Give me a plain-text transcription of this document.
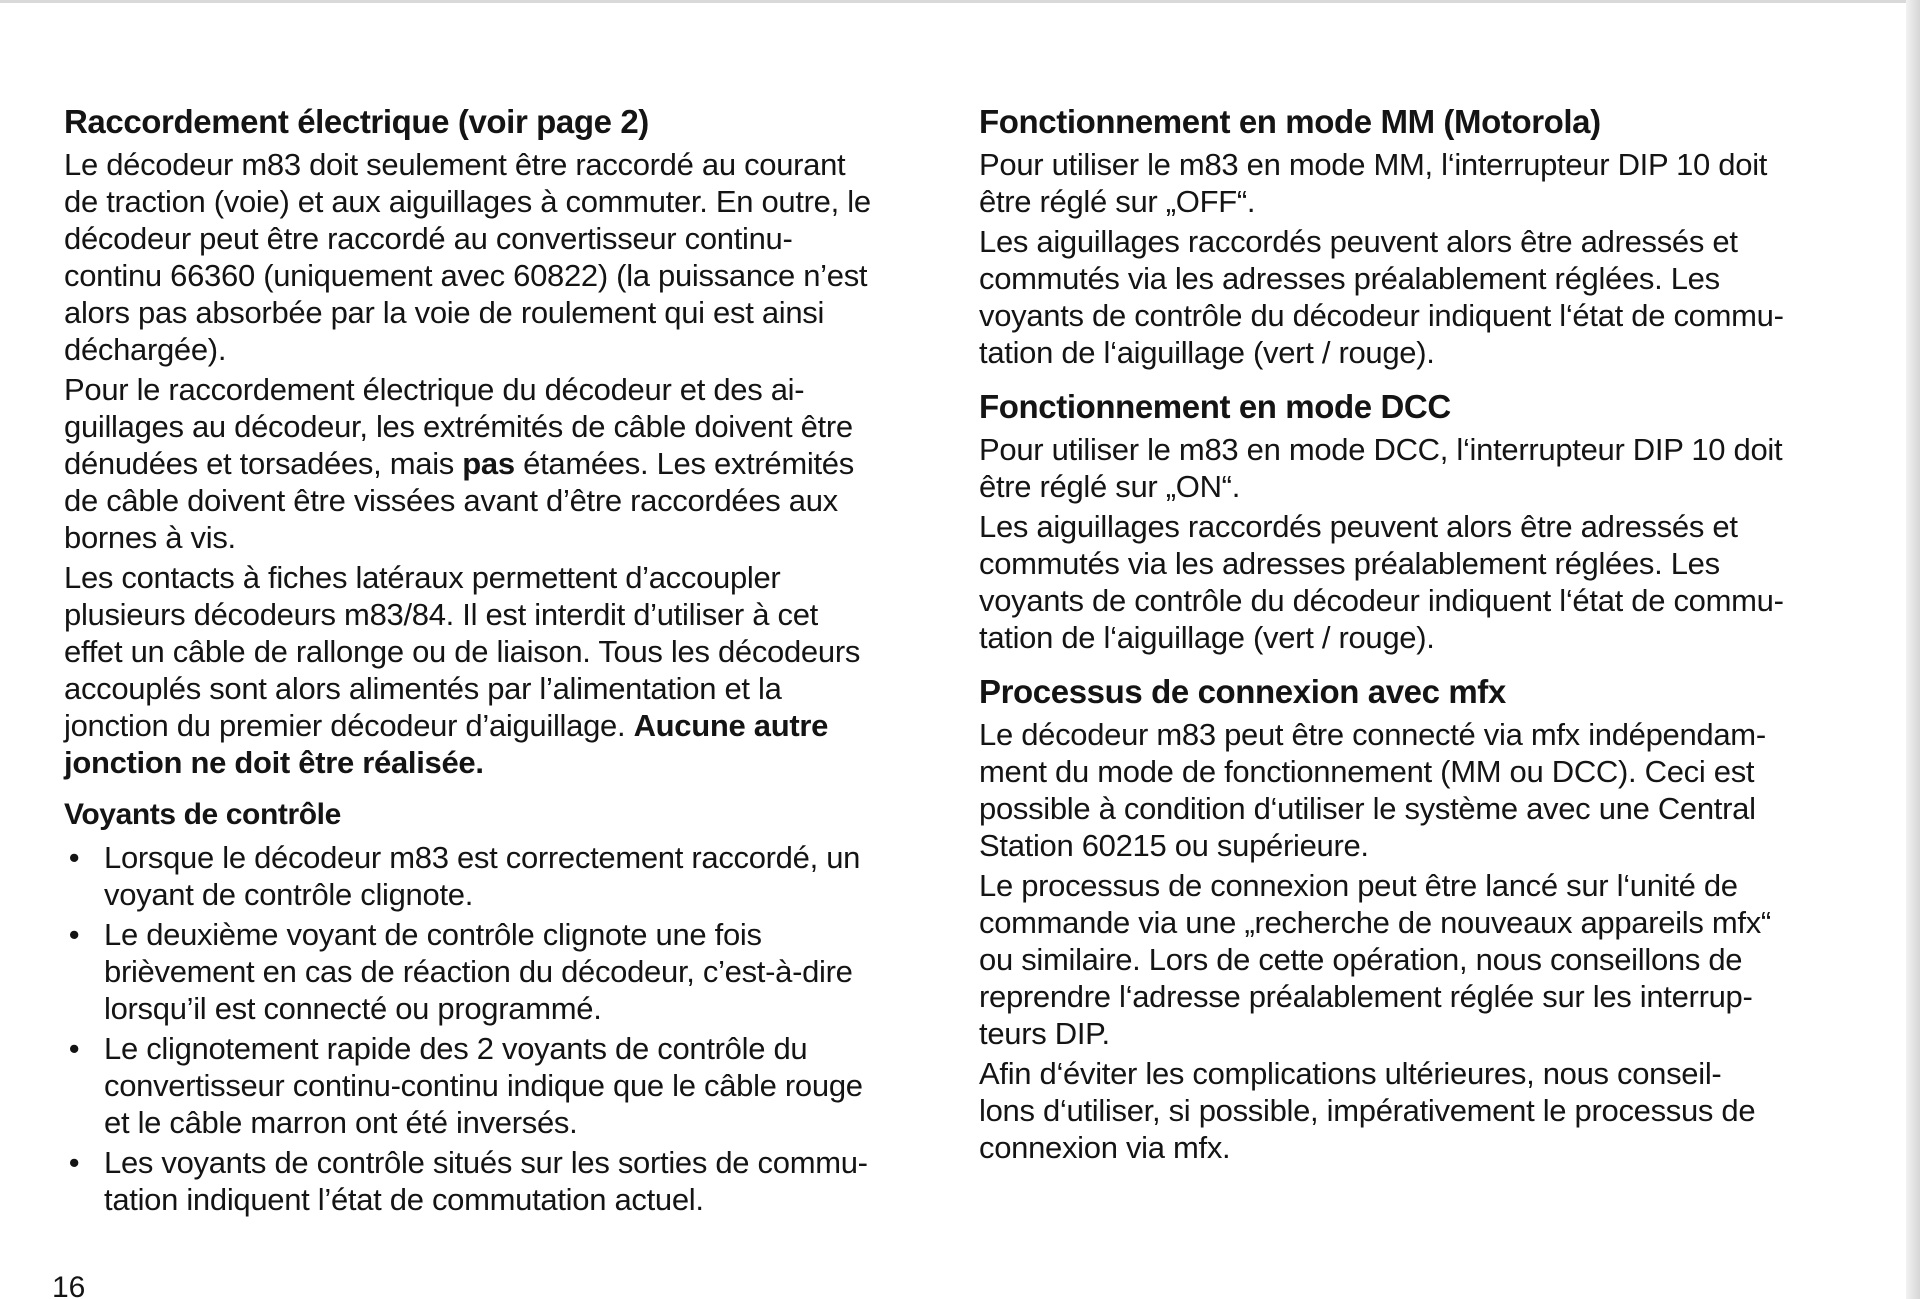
Raccordement électrique (voir page 2)
Le décodeur m83 doit seulement être raccordé au courant
de traction (voie) et aux aiguillages à commuter. En outre, le
décodeur peut être raccordé au convertisseur continu-
continu 66360 (uniquement avec 60822) (la puissance n’est
alors pas absorbée par la voie de roulement qui est ainsi
déchargée).
Pour le raccordement électrique du décodeur et des ai-
guillages au décodeur, les extrémités de câble doivent être
dénudées et torsadées, mais pas étamées. Les extrémités
de câble doivent être vissées avant d’être raccordées aux
bornes à vis.
Les contacts à fiches latéraux permettent d’accoupler
plusieurs décodeurs m83/84. Il est interdit d’utiliser à cet
effet un câble de rallonge ou de liaison. Tous les décodeurs
accouplés sont alors alimentés par l’alimentation et la
jonction du premier décodeur d’aiguillage. Aucune autre
jonction ne doit être réalisée.
Voyants de contrôle
• Lorsque le décodeur m83 est correctement raccordé, un
voyant de contrôle clignote.
• Le deuxième voyant de contrôle clignote une fois
brièvement en cas de réaction du décodeur, c’est-à-dire
lorsqu’il est connecté ou programmé.
• Le clignotement rapide des 2 voyants de contrôle du
convertisseur continu-continu indique que le câble rouge
et le câble marron ont été inversés.
• Les voyants de contrôle situés sur les sorties de commu-
tation indiquent l’état de commutation actuel.
Fonctionnement en mode MM (Motorola)
Pour utiliser le m83 en mode MM, l‘interrupteur DIP 10 doit
être réglé sur „OFF“.
Les aiguillages raccordés peuvent alors être adressés et
commutés via les adresses préalablement réglées. Les
voyants de contrôle du décodeur indiquent l‘état de commu-
tation de l‘aiguillage (vert / rouge).
Fonctionnement en mode DCC
Pour utiliser le m83 en mode DCC, l‘interrupteur DIP 10 doit
être réglé sur „ON“.
Les aiguillages raccordés peuvent alors être adressés et
commutés via les adresses préalablement réglées. Les
voyants de contrôle du décodeur indiquent l‘état de commu-
tation de l‘aiguillage (vert / rouge).
Processus de connexion avec mfx
Le décodeur m83 peut être connecté via mfx indépendam-
ment du mode de fonctionnement (MM ou DCC). Ceci est
possible à condition d‘utiliser le système avec une Central
Station 60215 ou supérieure.
Le processus de connexion peut être lancé sur l‘unité de
commande via une „recherche de nouveaux appareils mfx“
ou similaire. Lors de cette opération, nous conseillons de
reprendre l‘adresse préalablement réglée sur les interrup-
teurs DIP.
Afin d‘éviter les complications ultérieures, nous conseil-
lons d‘utiliser, si possible, impérativement le processus de
connexion via mfx.
16
